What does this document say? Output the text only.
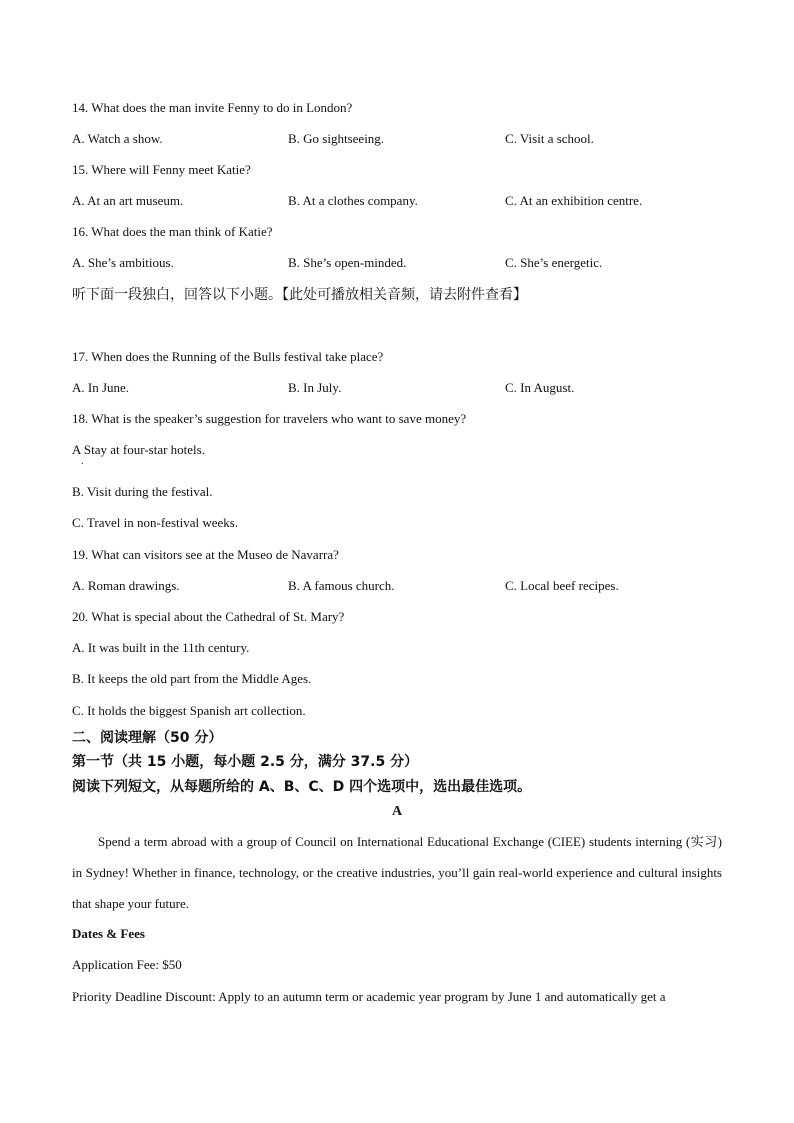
14. What does the man invite Fenny to do in London?
A. Watch a show.	B. Go sightseeing.	C. Visit a school.
15. Where will Fenny meet Katie?
A. At an art museum.	B. At a clothes company.	C. At an exhibition centre.
16. What does the man think of Katie?
A. She’s ambitious.	B. She’s open-minded.	C. She’s energetic.
听下面一段独白，回答以下小题。【此处可播放相关音频，请去附件查看】
17. When does the Running of the Bulls festival take place?
A. In June.	B. In July.	C. In August.
18. What is the speaker’s suggestion for travelers who want to save money?
A Stay at four-star hotels.
.
B. Visit during the festival.
C. Travel in non-festival weeks.
19. What can visitors see at the Museo de Navarra?
A. Roman drawings.	B. A famous church.	C. Local beef recipes.
20. What is special about the Cathedral of St. Mary?
A. It was built in the 11th century.
B. It keeps the old part from the Middle Ages.
C. It holds the biggest Spanish art collection.
二、阅读理解（50 分）
第一节（共 15 小题，每小题 2.5 分，满分 37.5 分）
阅读下列短文，从每题所给的 A、B、C、D 四个选项中，选出最佳选项。
A
Spend a term abroad with a group of Council on International Educational Exchange (CIEE) students interning (实习) in Sydney! Whether in finance, technology, or the creative industries, you’ll gain real-world experience and cultural insights that shape your future.
Dates & Fees
Application Fee: $50
Priority Deadline Discount: Apply to an autumn term or academic year program by June 1 and automatically get a
